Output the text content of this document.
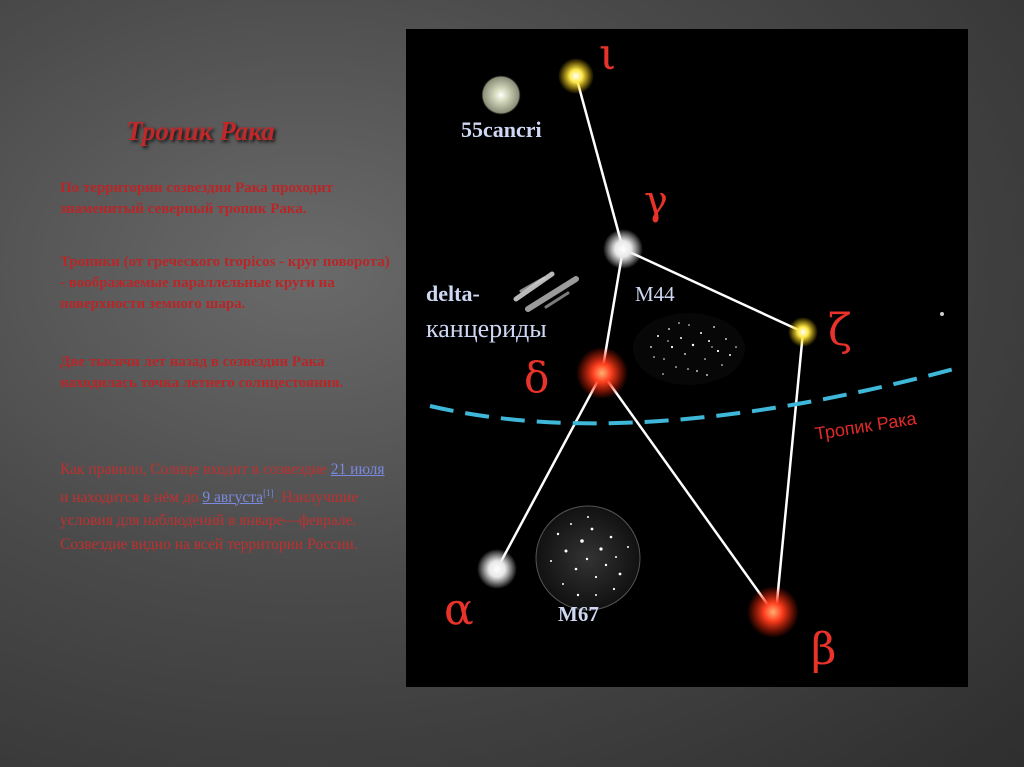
Тропик Рака

По территории созвездия Рака проходит знаменитый северный тропик Рака.

Тропики (от греческого tropicos - круг поворота) - воображаемые параллельные круги на поверхности земного шара.

Две тысячи лет назад в созвездии Рака находилась точка летнего солнцестояния.

Как правило, Солнце входит в созвездие 21 июля и находится в нём до 9 августа[1]. Наилучшие условия для наблюдений в январе—феврале. Созвездие видно на всей территории России.
ι
γ
ζ
δ
α
β
55cancri
delta-
канцериды
M44
M67
Тропик Рака
